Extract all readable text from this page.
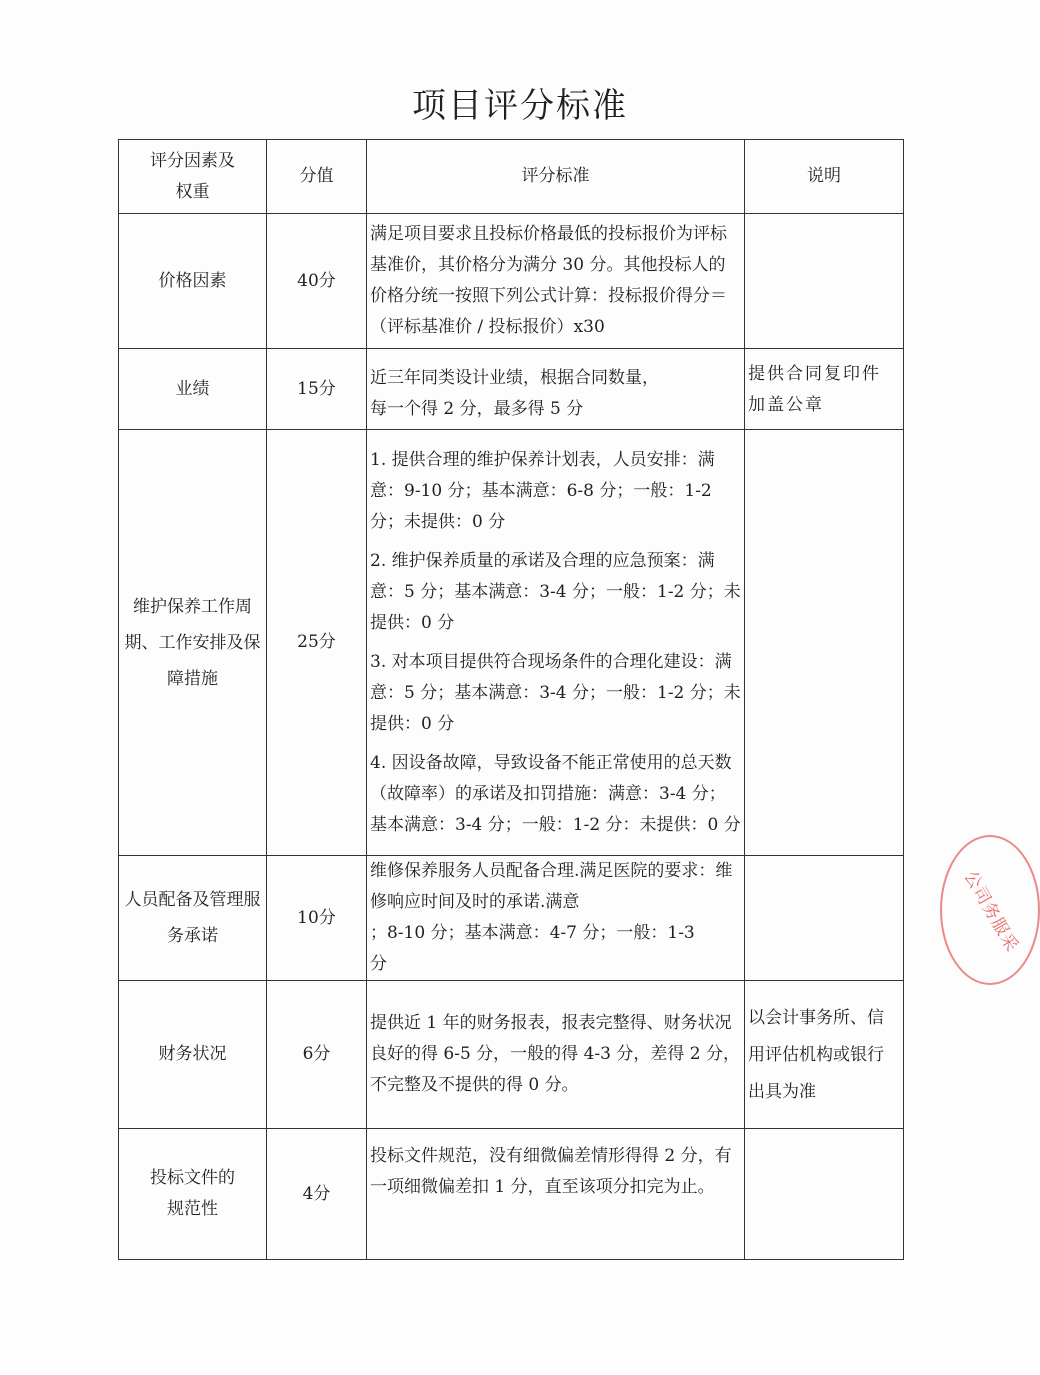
项目评分标准
评分因素及
权重	分值	评分标准	说明
价格因素	40分	满足项目要求且投标价格最低的投标报价为评标基准价，其价格分为满分 30 分。其他投标人的价格分统一按照下列公式计算：投标报价得分＝（评标基准价 / 投标报价）x30	

业绩	15分	近三年同类设计业绩，根据合同数量，
每一个得 2 分，最多得 5 分	提供合同复印件
加盖公章
维护保养工作周期、工作安排及保障措施	25分	1. 提供合理的维护保养计划表，人员安排：满意：9-10 分；基本满意：6-8 分；一般：1-2 分；未提供：0 分

2. 维护保养质量的承诺及合理的应急预案：满意：5 分；基本满意：3-4 分；一般：1-2 分；未提供：0 分

3. 对本项目提供符合现场条件的合理化建设：满意：5 分；基本满意：3-4 分；一般：1-2 分；未提供：0 分

4. 因设备故障，导致设备不能正常使用的总天数（故障率）的承诺及扣罚措施：满意：3-4 分；基本满意：3-4 分；一般：1-2 分：未提供：0 分	

人员配备及管理服务承诺	10分	维修保养服务人员配备合理.满足医院的要求：维修响应时间及时的承诺.满意
；8-10 分；基本满意：4-7 分；一般：1-3
分	

财务状况	6分	提供近 1 年的财务报表，报表完整得、财务状况良好的得 6-5 分，一般的得 4-3 分，差得 2 分，不完整及不提供的得 0 分。	以会计事务所、信用评估机构或银行
出具为准
投标文件的
规范性	4分	投标文件规范，没有细微偏差情形得得 2 分，有一项细微偏差扣 1 分，直至该项分扣完为止。	

公司务服采
